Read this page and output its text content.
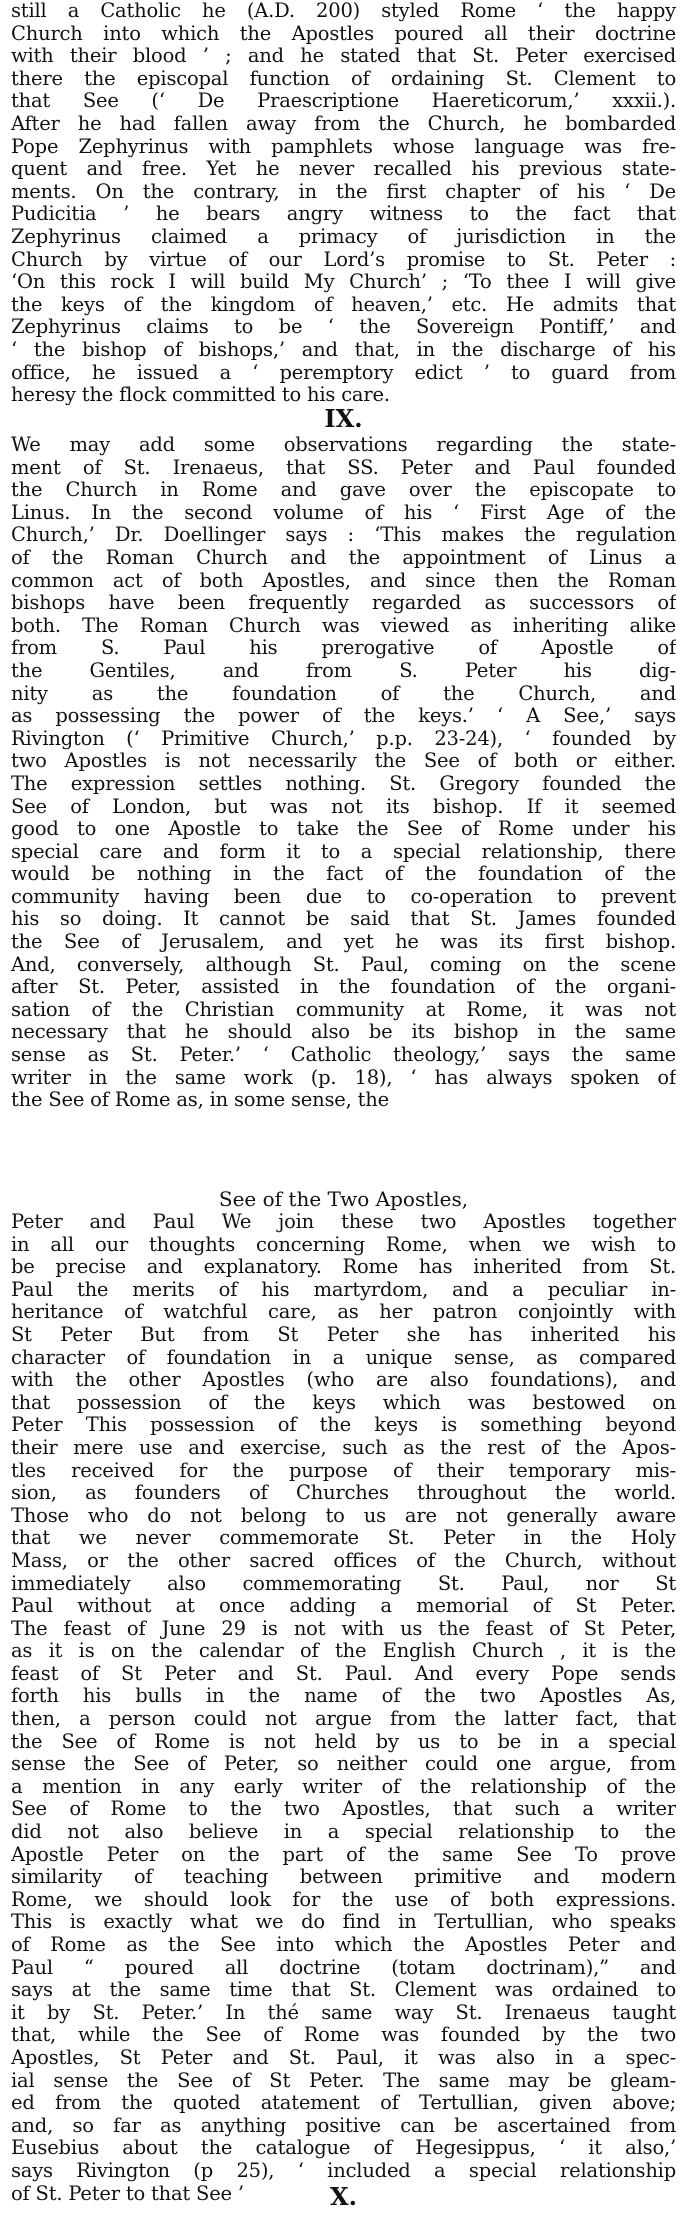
still a Catholic he (A.D. 200) styled Rome ‘ the happy
Church into which the Apostles poured all their doctrine
with their blood ’ ; and he stated that St. Peter exercised
there the episcopal function of ordaining St. Clement to
that See (‘ De Praescriptione Haereticorum,’ xxxii.).
After he had fallen away from the Church, he bombarded
Pope Zephyrinus with pamphlets whose language was fre-
quent and free. Yet he never recalled his previous state-
ments. On the contrary, in the first chapter of his ‘ De
Pudicitia ’ he bears angry witness to the fact that
Zephyrinus claimed a primacy of jurisdiction in the
Church by virtue of our Lord’s promise to St. Peter :
‘On this rock I will build My Church’ ; ‘To thee I will give
the keys of the kingdom of heaven,’ etc. He admits that
Zephyrinus claims to be ‘ the Sovereign Pontiff,’ and
‘ the bishop of bishops,’ and that, in the discharge of his
office, he issued a ‘ peremptory edict ’ to guard from
heresy the flock committed to his care.
IX.
We may add some observations regarding the state-
ment of St. Irenaeus, that SS. Peter and Paul founded
the Church in Rome and gave over the episcopate to
Linus. In the second volume of his ‘ First Age of the
Church,’ Dr. Doellinger says : ‘This makes the regulation
of the Roman Church and the appointment of Linus a
common act of both Apostles, and since then the Roman
bishops have been frequently regarded as successors of
both. The Roman Church was viewed as inheriting alike
from S. Paul his prerogative of Apostle of
the Gentiles, and from S. Peter his dig-
nity as the foundation of the Church, and
as possessing the power of the keys.’ ‘ A See,’ says
Rivington (‘ Primitive Church,’ p.p. 23-24), ‘ founded by
two Apostles is not necessarily the See of both or either.
The expression settles nothing. St. Gregory founded the
See of London, but was not its bishop. If it seemed
good to one Apostle to take the See of Rome under his
special care and form it to a special relationship, there
would be nothing in the fact of the foundation of the
community having been due to co-operation to prevent
his so doing. It cannot be said that St. James founded
the See of Jerusalem, and yet he was its first bishop.
And, conversely, although St. Paul, coming on the scene
after St. Peter, assisted in the foundation of the organi-
sation of the Christian community at Rome, it was not
necessary that he should also be its bishop in the same
sense as St. Peter.’ ‘ Catholic theology,’ says the same
writer in the same work (p. 18), ‘ has always spoken of
the See of Rome as, in some sense, the
See of the Two Apostles,
Peter and Paul We join these two Apostles together
in all our thoughts concerning Rome, when we wish to
be precise and explanatory. Rome has inherited from St.
Paul the merits of his martyrdom, and a peculiar in-
heritance of watchful care, as her patron conjointly with
St Peter But from St Peter she has inherited his
character of foundation in a unique sense, as compared
with the other Apostles (who are also foundations), and
that possession of the keys which was bestowed on
Peter This possession of the keys is something beyond
their mere use and exercise, such as the rest of the Apos-
tles received for the purpose of their temporary mis-
sion, as founders of Churches throughout the world.
Those who do not belong to us are not generally aware
that we never commemorate St. Peter in the Holy
Mass, or the other sacred offices of the Church, without
immediately also commemorating St. Paul, nor St
Paul without at once adding a memorial of St Peter.
The feast of June 29 is not with us the feast of St Peter,
as it is on the calendar of the English Church , it is the
feast of St Peter and St. Paul. And every Pope sends
forth his bulls in the name of the two Apostles As,
then, a person could not argue from the latter fact, that
the See of Rome is not held by us to be in a special
sense the See of Peter, so neither could one argue, from
a mention in any early writer of the relationship of the
See of Rome to the two Apostles, that such a writer
did not also believe in a special relationship to the
Apostle Peter on the part of the same See To prove
similarity of teaching between primitive and modern
Rome, we should look for the use of both expressions.
This is exactly what we do find in Tertullian, who speaks
of Rome as the See into which the Apostles Peter and
Paul “ poured all doctrine (totam doctrinam),” and
says at the same time that St. Clement was ordained to
it by St. Peter.’ In thé same way St. Irenaeus taught
that, while the See of Rome was founded by the two
Apostles, St Peter and St. Paul, it was also in a spec-
ial sense the See of St Peter. The same may be gleam-
ed from the quoted atatement of Tertullian, given above;
and, so far as anything positive can be ascertained from
Eusebius about the catalogue of Hegesippus, ‘ it also,’
says Rivington (p 25), ‘ included a special relationship
of St. Peter to that See ’	X.
